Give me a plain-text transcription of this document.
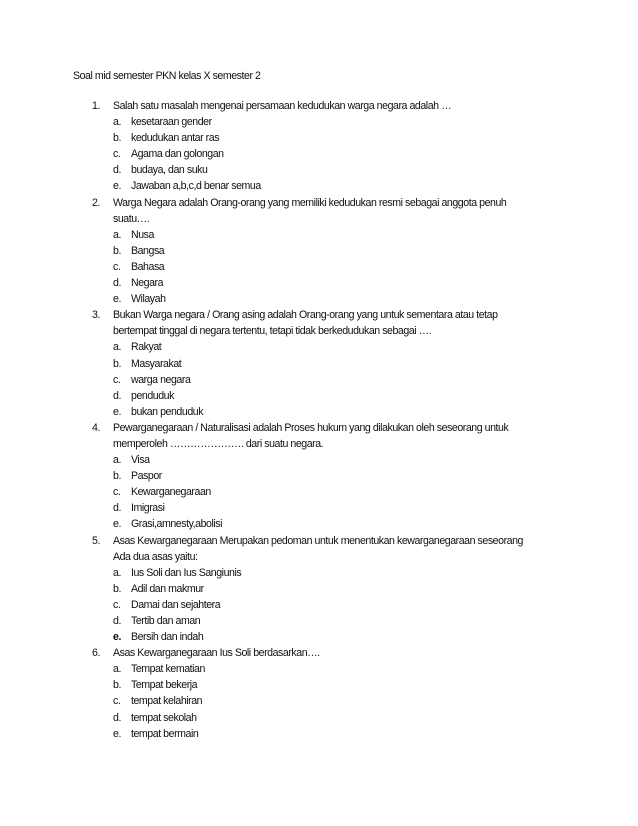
Soal mid semester PKN kelas X semester 2
1. Salah satu masalah mengenai persamaan kedudukan warga negara adalah …
a. kesetaraan gender
b. kedudukan antar ras
c. Agama dan golongan
d. budaya, dan suku
e. Jawaban a,b,c,d benar semua
2. Warga Negara adalah Orang-orang yang memiliki kedudukan resmi sebagai anggota penuh
suatu….
a. Nusa
b. Bangsa
c. Bahasa
d. Negara
e. Wilayah
3. Bukan Warga negara / Orang asing adalah Orang-orang yang untuk sementara atau tetap
bertempat tinggal di negara tertentu, tetapi tidak berkedudukan sebagai ….
a. Rakyat
b. Masyarakat
c. warga negara
d. penduduk
e. bukan penduduk
4. Pewarganegaraan / Naturalisasi adalah Proses hukum yang dilakukan oleh seseorang untuk
memperoleh …………………. dari suatu negara.
a. Visa
b. Paspor
c. Kewarganegaraan
d. Imigrasi
e. Grasi,amnesty,abolisi
5. Asas Kewarganegaraan Merupakan pedoman untuk menentukan kewarganegaraan seseorang
Ada dua asas yaitu:
a. Ius Soli dan Ius Sangiunis
b. Adil dan makmur
c. Damai dan sejahtera
d. Tertib dan aman
e. Bersih dan indah
6. Asas Kewarganegaraan Ius Soli berdasarkan….
a. Tempat kematian
b. Tempat bekerja
c. tempat kelahiran
d. tempat sekolah
e. tempat bermain
